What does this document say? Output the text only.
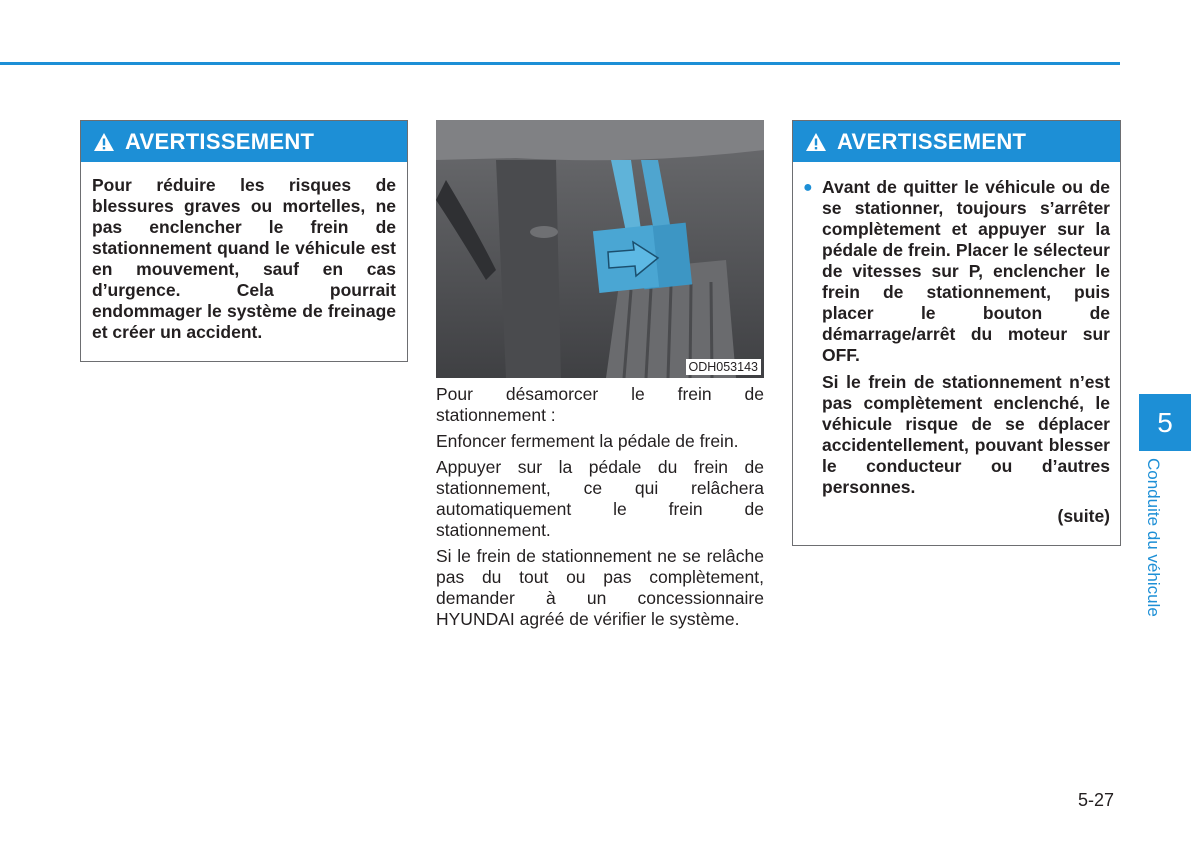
AVERTISSEMENT
Pour réduire les risques de blessures graves ou mortelles, ne pas enclencher le frein de stationnement quand le véhicule est en mouvement, sauf en cas d’urgence. Cela pourrait endommager le système de freinage et créer un accident.
ODH053143

Pour désamorcer le frein de stationnement :

Enfoncer fermement la pédale de frein.

Appuyer sur la pédale du frein de stationnement, ce qui relâchera automatiquement le frein de stationnement.

Si le frein de stationnement ne se relâche pas du tout ou pas complètement, demander à un concessionnaire HYUNDAI agréé de vérifier le système.

AVERTISSEMENT
● Avant de quitter le véhicule ou de se stationner, toujours s’arrêter complètement et appuyer sur la pédale de frein. Placer le sélecteur de vitesses sur P, enclencher le frein de stationnement, puis placer le bouton de démarrage/arrêt du moteur sur OFF.
Si le frein de stationnement n’est pas complètement enclenché, le véhicule risque de se déplacer accidentellement, pouvant blesser le conducteur ou d’autres personnes.
(suite)
5
Conduite du véhicule
5-27
